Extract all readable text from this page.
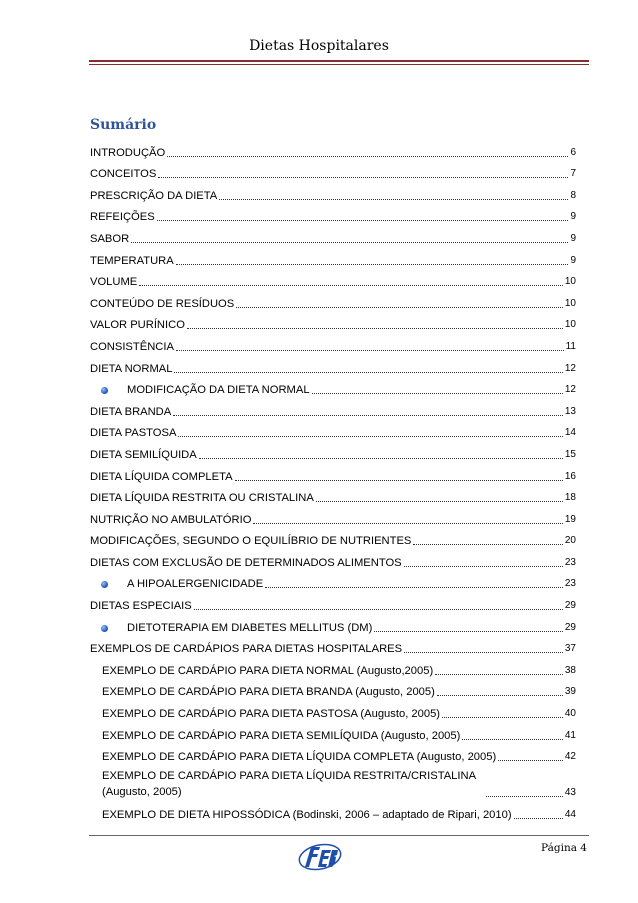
Dietas Hospitalares
Sumário
INTRODUÇÃO	6
CONCEITOS	7
PRESCRIÇÃO DA DIETA	8
REFEIÇÕES	9
SABOR	9
TEMPERATURA	9
VOLUME	10
CONTEÚDO DE RESÍDUOS	10
VALOR PURÍNICO	10
CONSISTÊNCIA	11
DIETA NORMAL	12
MODIFICAÇÃO DA DIETA NORMAL	12
DIETA BRANDA	13
DIETA PASTOSA	14
DIETA SEMILÍQUIDA	15
DIETA LÍQUIDA COMPLETA	16
DIETA LÍQUIDA RESTRITA OU CRISTALINA	18
NUTRIÇÃO NO AMBULATÓRIO	19
MODIFICAÇÕES, SEGUNDO O EQUILÍBRIO DE NUTRIENTES	20
DIETAS COM EXCLUSÃO DE DETERMINADOS ALIMENTOS	23
A HIPOALERGENICIDADE	23
DIETAS ESPECIAIS	29
DIETOTERAPIA EM DIABETES MELLITUS (DM)	29
EXEMPLOS DE CARDÁPIOS PARA DIETAS HOSPITALARES	37
EXEMPLO DE CARDÁPIO PARA DIETA NORMAL (Augusto,2005)	38
EXEMPLO DE CARDÁPIO PARA DIETA BRANDA (Augusto, 2005)	39
EXEMPLO DE CARDÁPIO PARA DIETA PASTOSA (Augusto, 2005)	40
EXEMPLO DE CARDÁPIO PARA DIETA SEMILÍQUIDA (Augusto, 2005)	41
EXEMPLO DE CARDÁPIO PARA DIETA LÍQUIDA COMPLETA (Augusto, 2005)	42
EXEMPLO DE CARDÁPIO PARA DIETA LÍQUIDA RESTRITA/CRISTALINA (Augusto, 2005)	43
EXEMPLO DE DIETA HIPOSSÓDICA (Bodinski, 2006 – adaptado de Ripari, 2010)	44
Página 4
